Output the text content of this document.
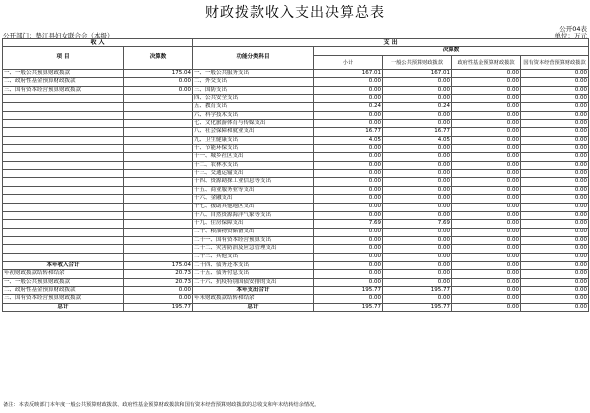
财政拨款收入支出决算总表
公开04表
公开部门：垫江县妇女联合会（本级）	单位：万元
收 入		支 出				
项 目	决算数	功能分类科目	决算数			
			小计	一般公共预算财政拨款	政府性基金预算财政拨款	国有资本经营预算财政拨款
一、一般公共预算财政拨款	175.04	一、一般公共服务支出	167.01	167.01	0.00	0.00
二、政府性基金预算财政拨款	0.00	二、外交支出	0.00	0.00	0.00	0.00
三、国有资本经营预算财政拨款	0.00	三、国防支出	0.00	0.00	0.00	0.00
		四、公共安全支出	0.00	0.00	0.00	0.00
		五、教育支出	0.24	0.24	0.00	0.00
		六、科学技术支出	0.00	0.00	0.00	0.00
		七、文化旅游体育与传媒支出	0.00	0.00	0.00	0.00
		八、社会保障和就业支出	16.77	16.77	0.00	0.00
		九、卫生健康支出	4.05	4.05	0.00	0.00
		十、节能环保支出	0.00	0.00	0.00	0.00
		十一、城乡社区支出	0.00	0.00	0.00	0.00
		十二、农林水支出	0.00	0.00	0.00	0.00
		十三、交通运输支出	0.00	0.00	0.00	0.00
		十四、资源勘探工业信息等支出	0.00	0.00	0.00	0.00
		十五、商业服务业等支出	0.00	0.00	0.00	0.00
		十六、金融支出	0.00	0.00	0.00	0.00
		十七、援助其他地区支出	0.00	0.00	0.00	0.00
		十八、自然资源海洋气象等支出	0.00	0.00	0.00	0.00
		十九、住房保障支出	7.69	7.69	0.00	0.00
		二十、粮油物资储备支出	0.00	0.00	0.00	0.00
		二十一、国有资本经营预算支出	0.00	0.00	0.00	0.00
		二十二、灾害防治及应急管理支出	0.00	0.00	0.00	0.00
		二十三、其他支出	0.00	0.00	0.00	0.00
本年收入合计	175.04	二十四、债务还本支出	0.00	0.00	0.00	0.00
年初财政拨款结转和结余	20.73	二十五、债务付息支出	0.00	0.00	0.00	0.00
一、一般公共预算财政拨款	20.73	二十六、抗疫特别国债安排的支出	0.00	0.00	0.00	0.00
二、政府性基金预算财政拨款	0.00	本年支出合计	195.77	195.77	0.00	0.00
三、国有资本经营预算财政拨款	0.00	年末财政拨款结转和结余	0.00	0.00	0.00	0.00
总计	195.77	总计	195.77	195.77	0.00	0.00
备注：本表反映部门本年度一般公共预算财政拨款、政府性基金预算财政拨款和国有资本经营预算财政拨款的总收支和年末结转结余情况。
